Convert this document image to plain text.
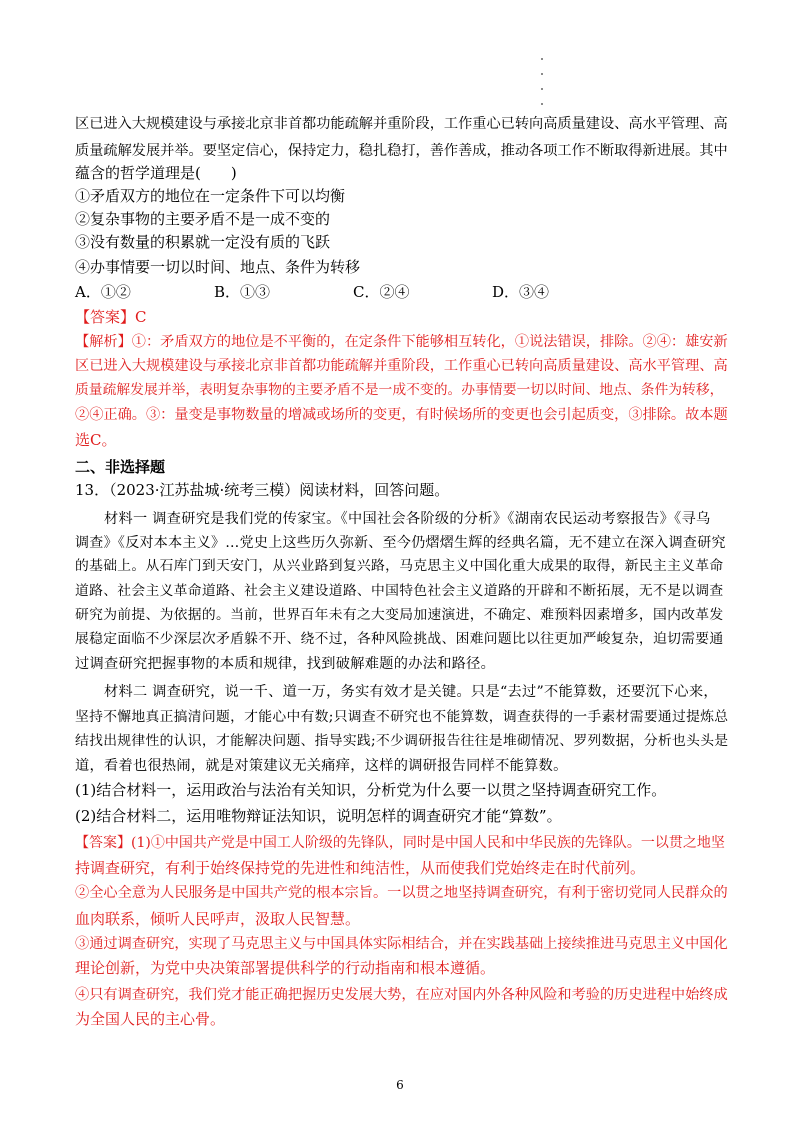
区已进入大规模建设与承接北京非首都功能疏解并重阶段，工作重心已转向高质量建设、高水平管理、高
质量疏解发展并举。要坚定信心，保持定力，稳扎稳打，善作善成，推动各项工作不断取得新进展。其中
蕴含的哲学道理是(　　)
①矛盾双方的地位在一定条件下可以均衡
②复杂事物的主要矛盾不是一成不变的
③没有数量的积累就一定没有质的飞跃
④办事情要一切以时间、地点、条件为转移
A．①②	B．①③	C．②④	D．③④
【答案】C
【解析】①：矛盾双方的地位是不平衡的，在定条件下能够相互转化，①说法错误，排除。②④：雄安新
区已进入大规模建设与承接北京非首都功能疏解并重阶段，工作重心已转向高质量建设、高水平管理、高
质量疏解发展并举，表明复杂事物的主要矛盾不是一成不变的。办事情要一切以时间、地点、条件为转移，
②④正确。③：量变是事物数量的增减或场所的变更，有时候场所的变更也会引起质变，③排除。故本题
选C。
二、非选择题
13．（2023·江苏盐城·统考三模）阅读材料，回答问题。
　　材料一 调查研究是我们党的传家宝。《中国社会各阶级的分析》《湖南农民运动考察报告》《寻乌
调查》《反对本本主义》…党史上这些历久弥新、至今仍熠熠生辉的经典名篇，无不建立在深入调查研究
的基础上。从石库门到天安门，从兴业路到复兴路，马克思主义中国化重大成果的取得，新民主主义革命
道路、社会主义革命道路、社会主义建设道路、中国特色社会主义道路的开辟和不断拓展，无不是以调查
研究为前提、为依据的。当前，世界百年未有之大变局加速演进，不确定、难预料因素增多，国内改革发
展稳定面临不少深层次矛盾躲不开、绕不过，各种风险挑战、困难问题比以往更加严峻复杂，迫切需要通
过调查研究把握事物的本质和规律，找到破解难题的办法和路径。
　　材料二 调查研究，说一千、道一万，务实有效才是关键。只是“去过”不能算数，还要沉下心来，
坚持不懈地真正搞清问题，才能心中有数;只调查不研究也不能算数，调查获得的一手素材需要通过提炼总
结找出规律性的认识，才能解决问题、指导实践;不少调研报告往往是堆砌情况、罗列数据，分析也头头是
道，看着也很热闹，就是对策建议无关痛痒，这样的调研报告同样不能算数。
(1)结合材料一，运用政治与法治有关知识，分析党为什么要一以贯之坚持调查研究工作。
(2)结合材料二，运用唯物辩证法知识，说明怎样的调查研究才能“算数”。
【答案】(1)①中国共产党是中国工人阶级的先锋队，同时是中国人民和中华民族的先锋队。一以贯之地坚
持调查研究，有利于始终保持党的先进性和纯洁性，从而使我们党始终走在时代前列。
②全心全意为人民服务是中国共产党的根本宗旨。一以贯之地坚持调查研究，有利于密切党同人民群众的
血肉联系，倾听人民呼声，汲取人民智慧。
③通过调查研究，实现了马克思主义与中国具体实际相结合，并在实践基础上接续推进马克思主义中国化
理论创新，为党中央决策部署提供科学的行动指南和根本遵循。
④只有调查研究，我们党才能正确把握历史发展大势，在应对国内外各种风险和考验的历史进程中始终成
为全国人民的主心骨。
6
